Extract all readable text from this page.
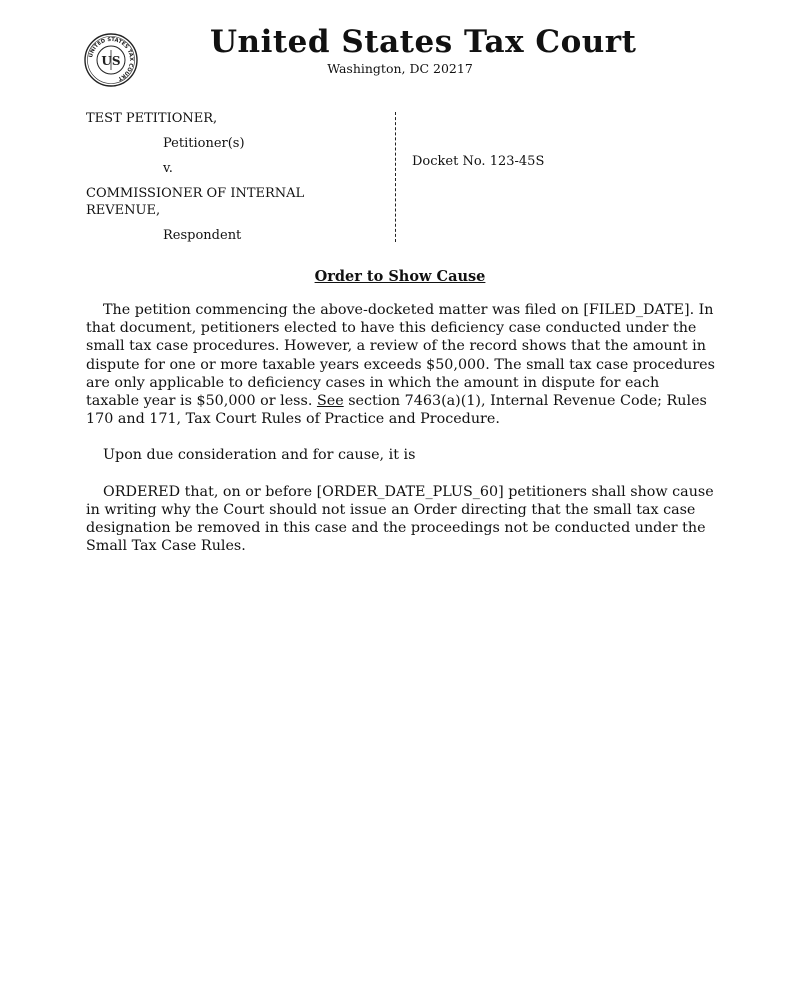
UNITED STATES TAX COURT
US
United States Tax Court
Washington, DC 20217
TEST PETITIONER,
Petitioner(s)
v.
COMMISSIONER OF INTERNAL
REVENUE,
Respondent
Docket No. 123-45S
Order to Show Cause

The petition commencing the above-docketed matter was filed on [FILED_DATE]. In that document, petitioners elected to have this deficiency case conducted under the small tax case procedures. However, a review of the record shows that the amount in dispute for one or more taxable years exceeds $50,000. The small tax case procedures are only applicable to deficiency cases in which the amount in dispute for each taxable year is $50,000 or less. See section 7463(a)(1), Internal Revenue Code; Rules 170 and 171, Tax Court Rules of Practice and Procedure.

Upon due consideration and for cause, it is

ORDERED that, on or before [ORDER_DATE_PLUS_60] petitioners shall show cause in writing why the Court should not issue an Order directing that the small tax case designation be removed in this case and the proceedings not be conducted under the Small Tax Case Rules.
